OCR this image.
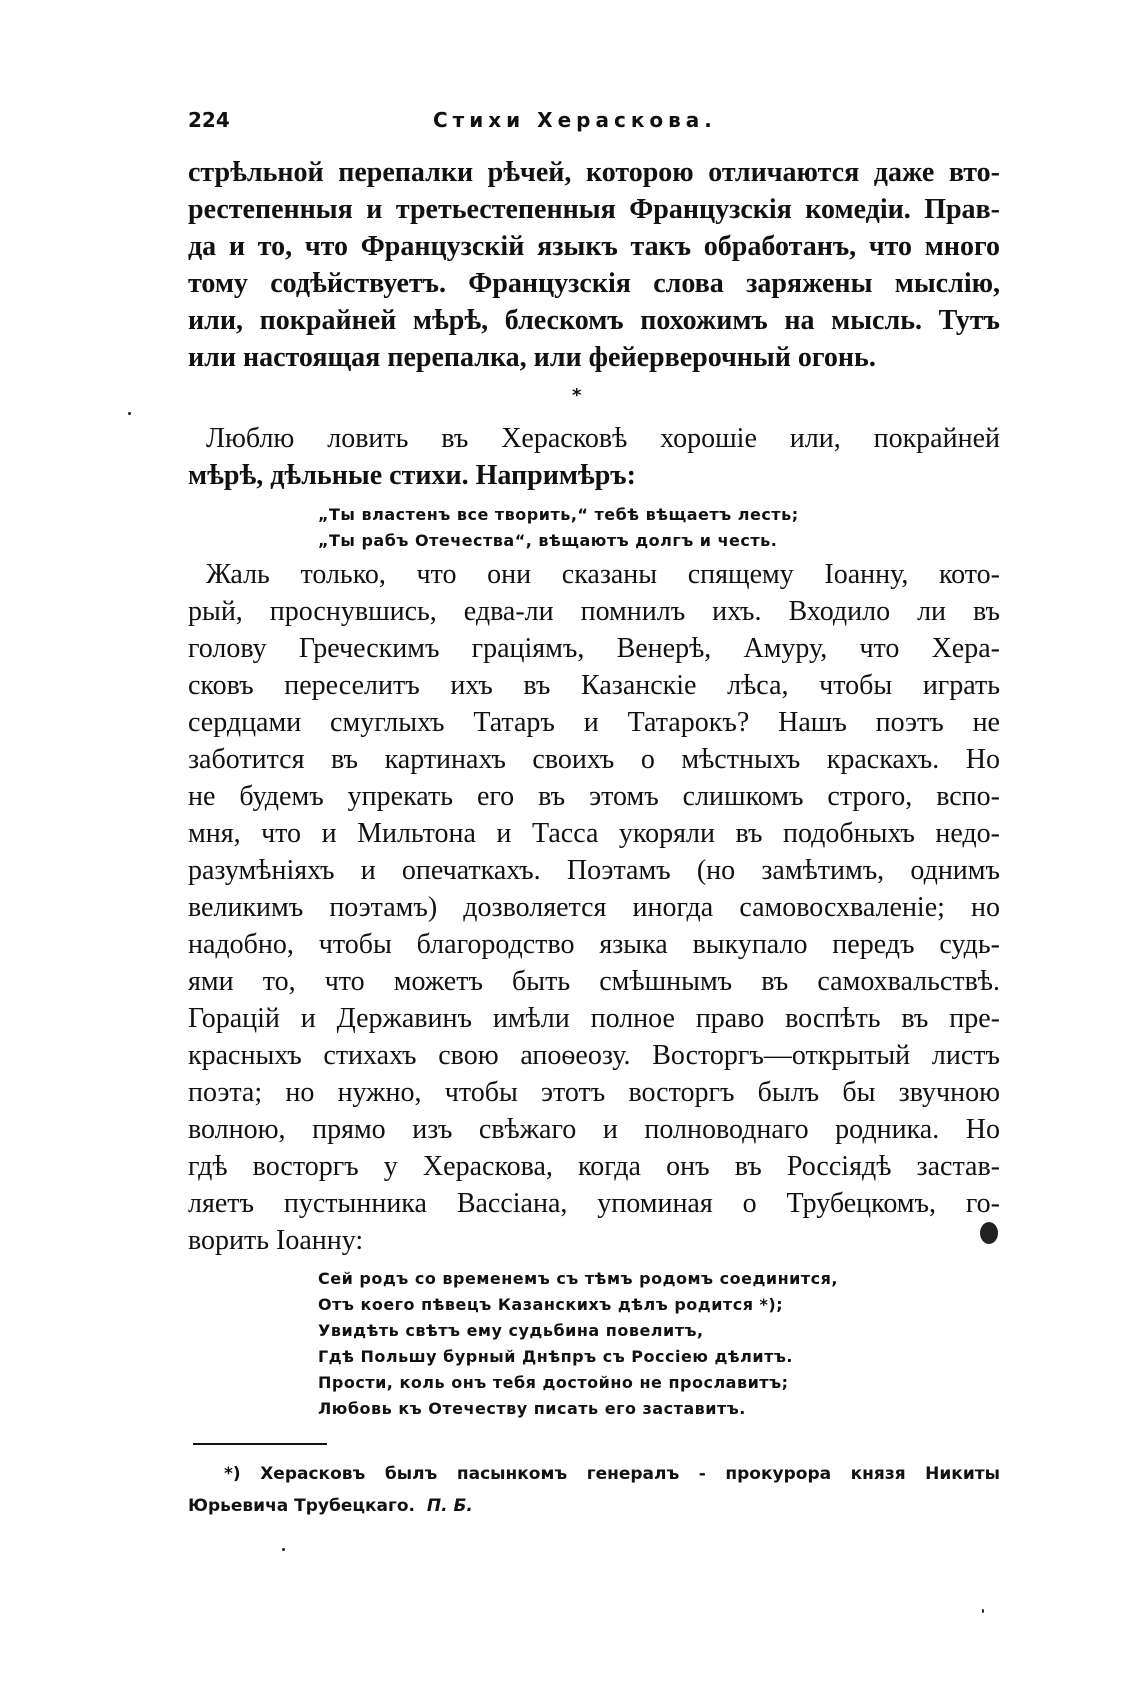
224	Стихи Хераскова.
стрѣльной перепалки рѣчей, которою отличаются даже вто-
рестепенныя и третьестепенныя Французскія комедіи. Прав-
да и то, что Французскій языкъ такъ обработанъ, что много
тому содѣйствуетъ. Французскія слова заряжены мыслію,
или, покрайней мѣрѣ, блескомъ похожимъ на мысль. Тутъ
или настоящая перепалка, или фейерверочный огонь.
*
Люблю ловить въ Херасковѣ хорошіе или, покрайней
мѣрѣ, дѣльные стихи. Напримѣръ:
„Ты властенъ все творить,“ тебѣ вѣщаетъ лесть;
„Ты рабъ Отечества“, вѣщаютъ долгъ и честь.
Жаль только, что они сказаны спящему Іоанну, кото-
рый, проснувшись, едва-ли помнилъ ихъ. Входило ли въ
голову Греческимъ граціямъ, Венерѣ, Амуру, что Хера-
сковъ переселитъ ихъ въ Казанскіе лѣса, чтобы играть
сердцами смуглыхъ Татаръ и Татарокъ? Нашъ поэтъ не
заботится въ картинахъ своихъ о мѣстныхъ краскахъ. Но
не будемъ упрекать его въ этомъ слишкомъ строго, вспо-
мня, что и Мильтона и Тасса укоряли въ подобныхъ недо-
разумѣніяхъ и опечаткахъ. Поэтамъ (но замѣтимъ, однимъ
великимъ поэтамъ) дозволяется иногда самовосхваленіе; но
надобно, чтобы благородство языка выкупало передъ судь-
ями то, что можетъ быть смѣшнымъ въ самохвальствѣ.
Горацій и Державинъ имѣли полное право воспѣть въ пре-
красныхъ стихахъ свою апоѳеозу. Восторгъ—открытый листъ
поэта; но нужно, чтобы этотъ восторгъ былъ бы звучною
волною, прямо изъ свѣжаго и полноводнаго родника. Но
гдѣ восторгъ у Хераскова, когда онъ въ Россіядѣ застав-
ляетъ пустынника Вассіана, упоминая о Трубецкомъ, го-
ворить Іоанну:
Сей родъ со временемъ съ тѣмъ родомъ соединится,
Отъ коего пѣвецъ Казанскихъ дѣлъ родится *);
Увидѣть свѣтъ ему судьбина повелитъ,
Гдѣ Польшу бурный Днѣпръ съ Россіею дѣлитъ.
Прости, коль онъ тебя достойно не прославитъ;
Любовь къ Отечеству писать его заставитъ.
*) Херасковъ былъ пасынкомъ генералъ - прокурора князя Никиты
Юрьевича Трубецкаго. П. Б.
